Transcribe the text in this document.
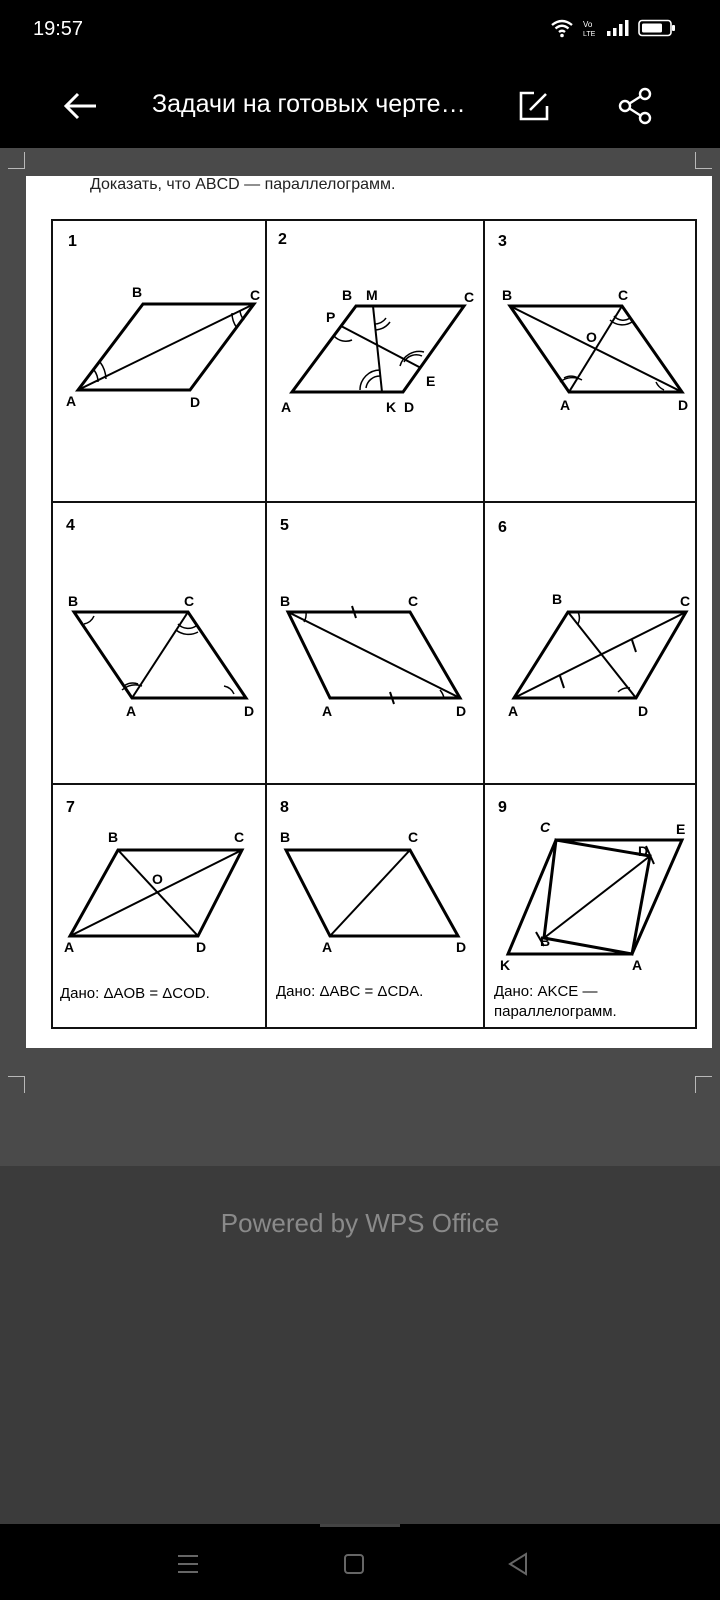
19:57	Vo
LTE
Задачи на готовых черте…
Доказать, что ABCD — параллелограмм.
1
B	C
A	D
2
B M	C
P
E
A	K D
3
B	C
O
A	D
4
B	C
A	D
5
B	C
A	D
6
B	C
A	D
7
B	C
O
A	D
Дано: ΔAOB = ΔCOD.
8
B	C
A	D
Дано: ΔABC = ΔCDA.
9
C	E
D
B
K	A
Дано: AKCE —
параллелограмм.
Powered by WPS Office
